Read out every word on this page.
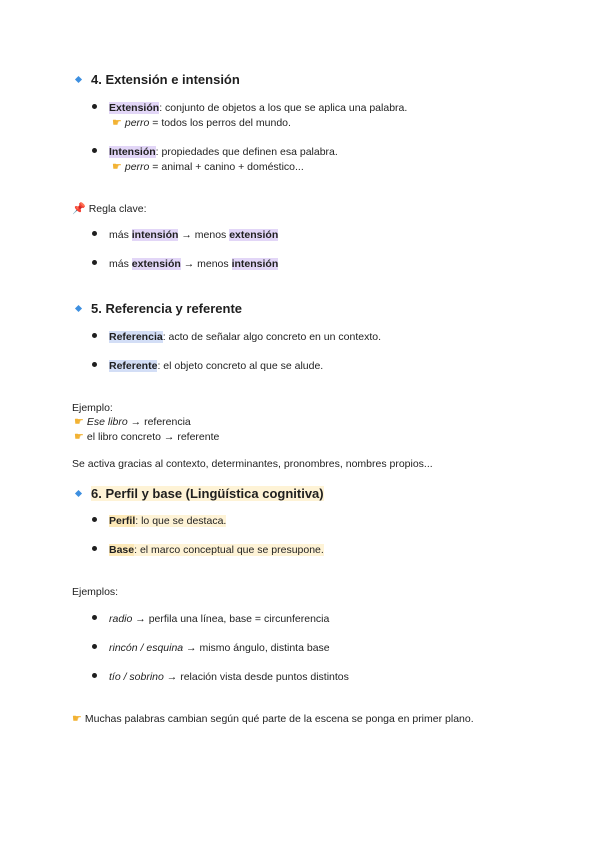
4. Extensión e intensión
Extensión: conjunto de objetos a los que se aplica una palabra.
☛ perro = todos los perros del mundo.
Intensión: propiedades que definen esa palabra.
☛ perro = animal + canino + doméstico...
📌 Regla clave:
más intensión → menos extensión
más extensión → menos intensión
5. Referencia y referente
Referencia: acto de señalar algo concreto en un contexto.
Referente: el objeto concreto al que se alude.
Ejemplo:
☛ Ese libro → referencia
☛ el libro concreto → referente
Se activa gracias al contexto, determinantes, pronombres, nombres propios...
6. Perfil y base (Lingüística cognitiva)
Perfil: lo que se destaca.
Base: el marco conceptual que se presupone.
Ejemplos:
radio → perfila una línea, base = circunferencia
rincón / esquina → mismo ángulo, distinta base
tío / sobrino → relación vista desde puntos distintos
☛ Muchas palabras cambian según qué parte de la escena se ponga en primer plano.
